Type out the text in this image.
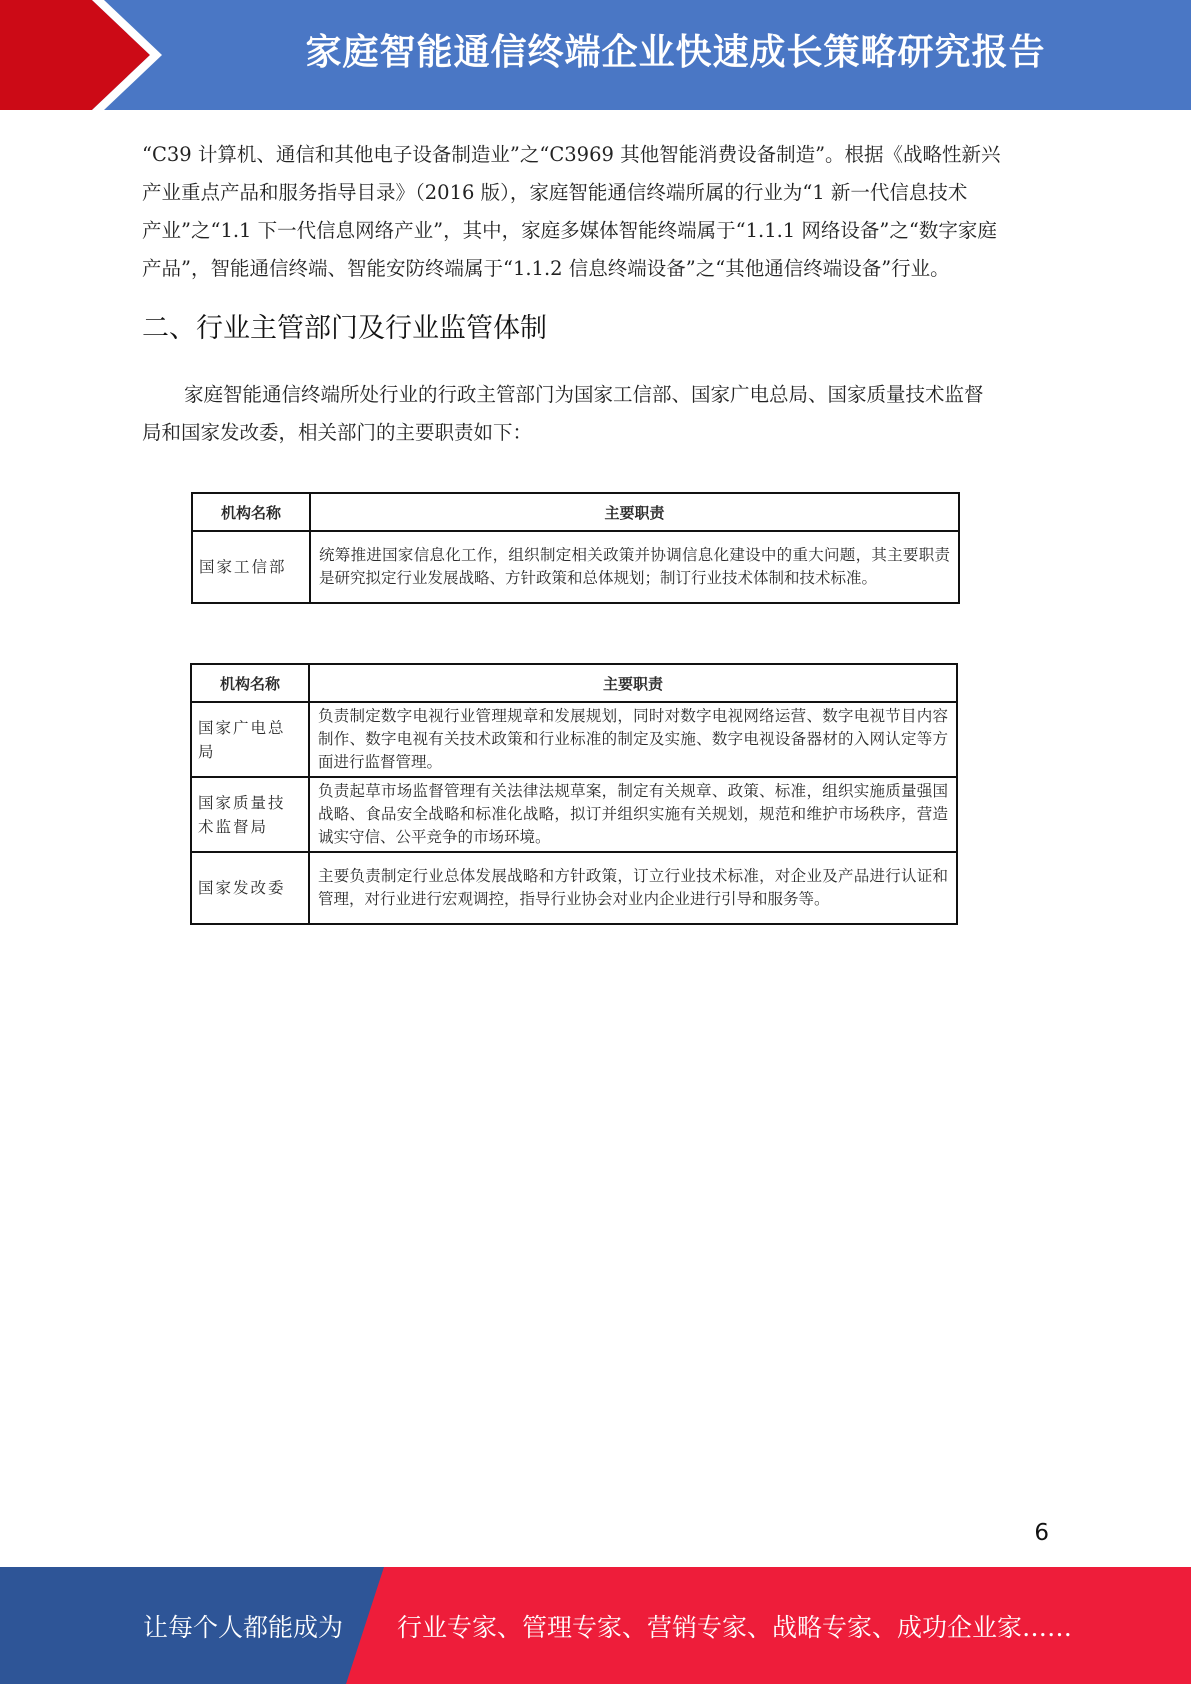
家庭智能通信终端企业快速成长策略研究报告

“C39 计算机、通信和其他电子设备制造业”之“C3969 其他智能消费设备制造”。根据《战略性新兴

产业重点产品和服务指导目录》（2016 版），家庭智能通信终端所属的行业为“1 新一代信息技术

产业”之“1.1 下一代信息网络产业”，其中，家庭多媒体智能终端属于“1.1.1 网络设备”之“数字家庭

产品”，智能通信终端、智能安防终端属于“1.1.2 信息终端设备”之“其他通信终端设备”行业。

二、行业主管部门及行业监管体制

家庭智能通信终端所处行业的行政主管部门为国家工信部、国家广电总局、国家质量技术监督

局和国家发改委，相关部门的主要职责如下：

机构名称	主要职责
国家工信部	统筹推进国家信息化工作，组织制定相关政策并协调信息化建设中的重大问题，其主要职责是研究拟定行业发展战略、方针政策和总体规划；制订行业技术体制和技术标准。
机构名称	主要职责
国家广电总局	负责制定数字电视行业管理规章和发展规划，同时对数字电视网络运营、数字电视节目内容制作、数字电视有关技术政策和行业标准的制定及实施、数字电视设备器材的入网认定等方面进行监督管理。
国家质量技术监督局	负责起草市场监督管理有关法律法规草案，制定有关规章、政策、标准，组织实施质量强国战略、食品安全战略和标准化战略，拟订并组织实施有关规划，规范和维护市场秩序，营造诚实守信、公平竞争的市场环境。
国家发改委	主要负责制定行业总体发展战略和方针政策，订立行业技术标准，对企业及产品进行认证和管理，对行业进行宏观调控，指导行业协会对业内企业进行引导和服务等。
6
让每个人都能成为 行业专家、管理专家、营销专家、战略专家、成功企业家……
